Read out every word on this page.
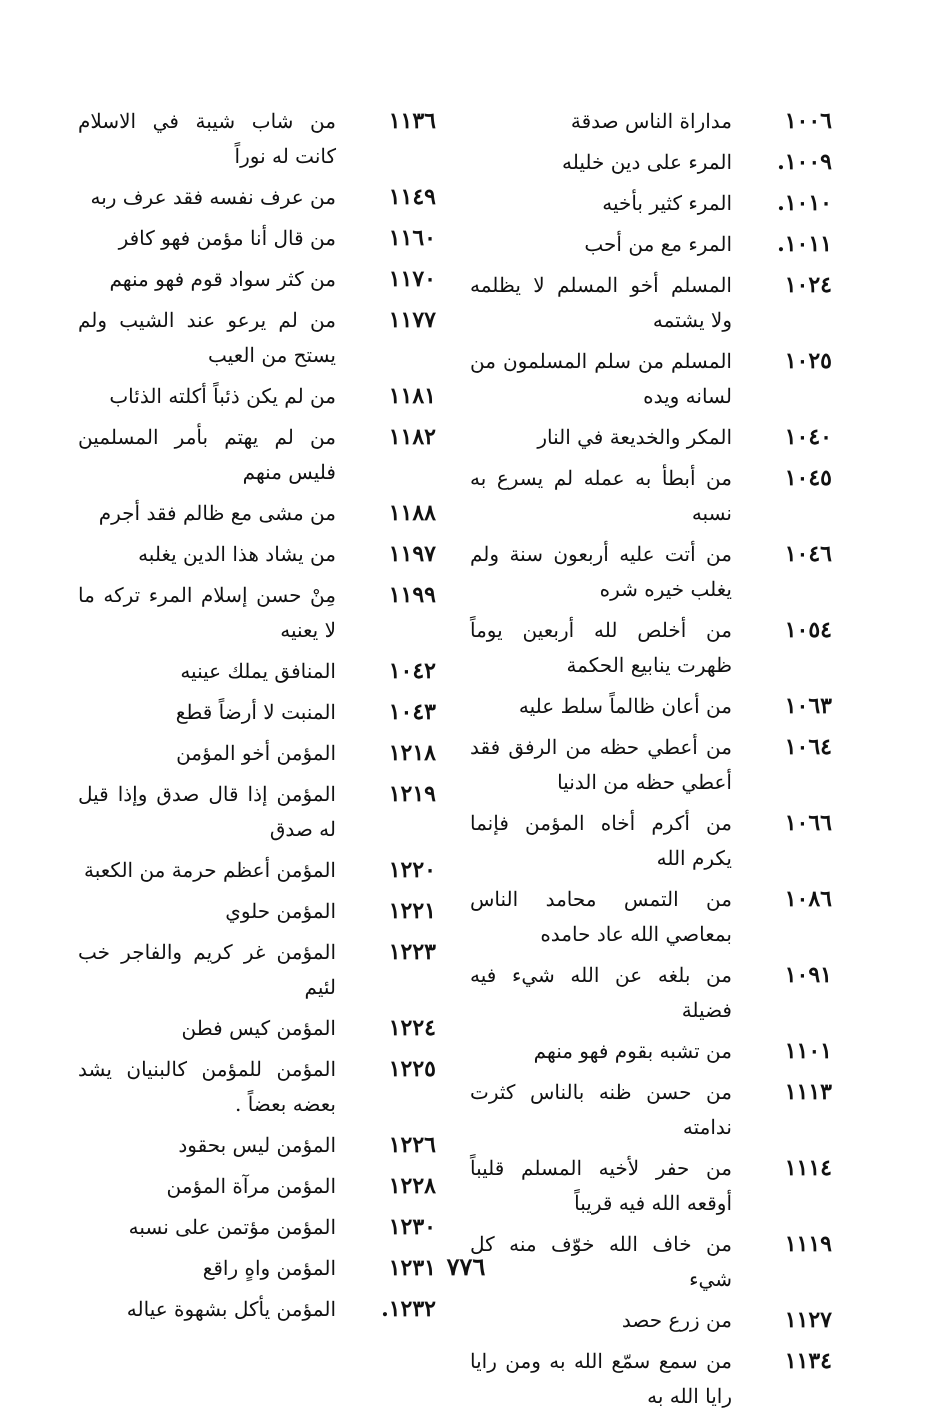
١٠٠٦
مداراة الناس صدقة
١٠٠٩.
المرء على دين خليله
١٠١٠.
المرء كثير بأخيه
١٠١١.
المرء مع من أحب
١٠٢٤
المسلم أخو المسلم لا يظلمه ولا يشتمه
١٠٢٥
المسلم من سلم المسلمون من لسانه ويده
١٠٤٠
المكر والخديعة في النار
١٠٤٥
من أبطأ به عمله لم يسرع به نسبه
١٠٤٦
من أتت عليه أربعون سنة ولم يغلب خيره شره
١٠٥٤
من أخلص لله أربعين يوماً ظهرت ينابيع الحكمة
١٠٦٣
من أعان ظالماً سلط عليه
١٠٦٤
من أعطي حظه من الرفق فقد أعطي حظه من الدنيا
١٠٦٦
من أكرم أخاه المؤمن فإنما يكرم الله
١٠٨٦
من التمس محامد الناس بمعاصي الله عاد حامده
١٠٩١
من بلغه عن الله شيء فيه فضيلة
١١٠١
من تشبه بقوم فهو منهم
١١١٣
من حسن ظنه بالناس كثرت ندامته
١١١٤
من حفر لأخيه المسلم قليباً أوقعه الله فيه قريباً
١١١٩
من خاف الله خوّف منه كل شيء
١١٢٧
من زرع حصد
١١٣٤
من سمع سمّع الله به ومن رايا رايا الله به
١١٣٦
من شاب شيبة في الاسلام كانت له نوراً
١١٤٩
من عرف نفسه فقد عرف ربه
١١٦٠
من قال أنا مؤمن فهو كافر
١١٧٠
من كثر سواد قوم فهو منهم
١١٧٧
من لم يرعو عند الشيب ولم يستح من العيب
١١٨١
من لم يكن ذئباً أكلته الذئاب
١١٨٢
من لم يهتم بأمر المسلمين فليس منهم
١١٨٨
من مشى مع ظالم فقد أجرم
١١٩٧
من يشاد هذا الدين يغلبه
١١٩٩
مِنْ حسن إسلام المرء تركه ما لا يعنيه
١٠٤٢
المنافق يملك عينيه
١٠٤٣
المنبت لا أرضاً قطع
١٢١٨
المؤمن أخو المؤمن
١٢١٩
المؤمن إذا قال صدق وإذا قيل له صدق
١٢٢٠
المؤمن أعظم حرمة من الكعبة
١٢٢١
المؤمن حلوي
١٢٢٣
المؤمن غر كريم والفاجر خب لئيم
١٢٢٤
المؤمن كيس فطن
١٢٢٥
المؤمن للمؤمن كالبنيان يشد بعضه بعضاً .
١٢٢٦
المؤمن ليس بحقود
١٢٢٨
المؤمن مرآة المؤمن
١٢٣٠
المؤمن مؤتمن على نسبه
١٢٣١
المؤمن واهٍ راقع
١٢٣٢.
المؤمن يأكل بشهوة عياله
٧٧٦
